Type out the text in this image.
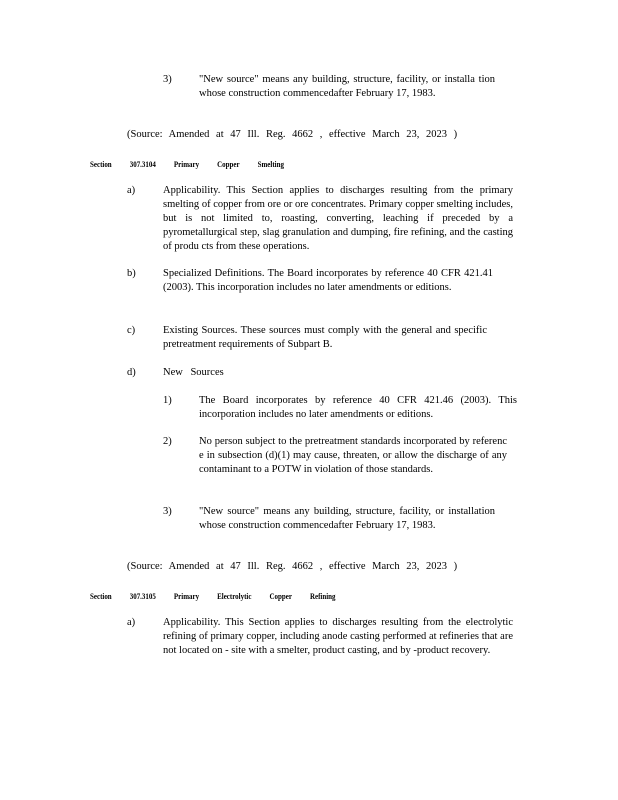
3)	"New source" means any building, structure, facility, or installa tion whose construction commencedafter February 17, 1983.
(Source: Amended at 47 Ill. Reg. 4662 , effective March 23, 2023 )
Section 307.3104 Primary Copper Smelting
a)	Applicability. This Section applies to discharges resulting from the primary smelting of copper from ore or ore concentrates. Primary copper smelting includes, but is not limited to, roasting, converting, leaching if preceded by a pyrometallurgical step, slag granulation and dumping, fire refining, and the casting of produ cts from these operations.
b)	Specialized Definitions. The Board incorporates by reference 40 CFR 421.41 (2003). This incorporation includes no later amendments or editions.
c)	Existing Sources. These sources must comply with the general and specific pretreatment requirements of Subpart B.
d)	New Sources
1)	The Board incorporates by reference 40 CFR 421.46 (2003). This incorporation includes no later amendments or editions.
2)	No person subject to the pretreatment standards incorporated by referenc e in subsection (d)(1) may cause, threaten, or allow the discharge of any contaminant to a POTW in violation of those standards.
3)	"New source" means any building, structure, facility, or installation whose construction commencedafter February 17, 1983.
(Source: Amended at 47 Ill. Reg. 4662 , effective March 23, 2023 )
Section 307.3105 Primary Electrolytic Copper Refining
a)	Applicability. This Section applies to discharges resulting from the electrolytic refining of primary copper, including anode casting performed at refineries that are not located on - site with a smelter, product casting, and by -product recovery.
